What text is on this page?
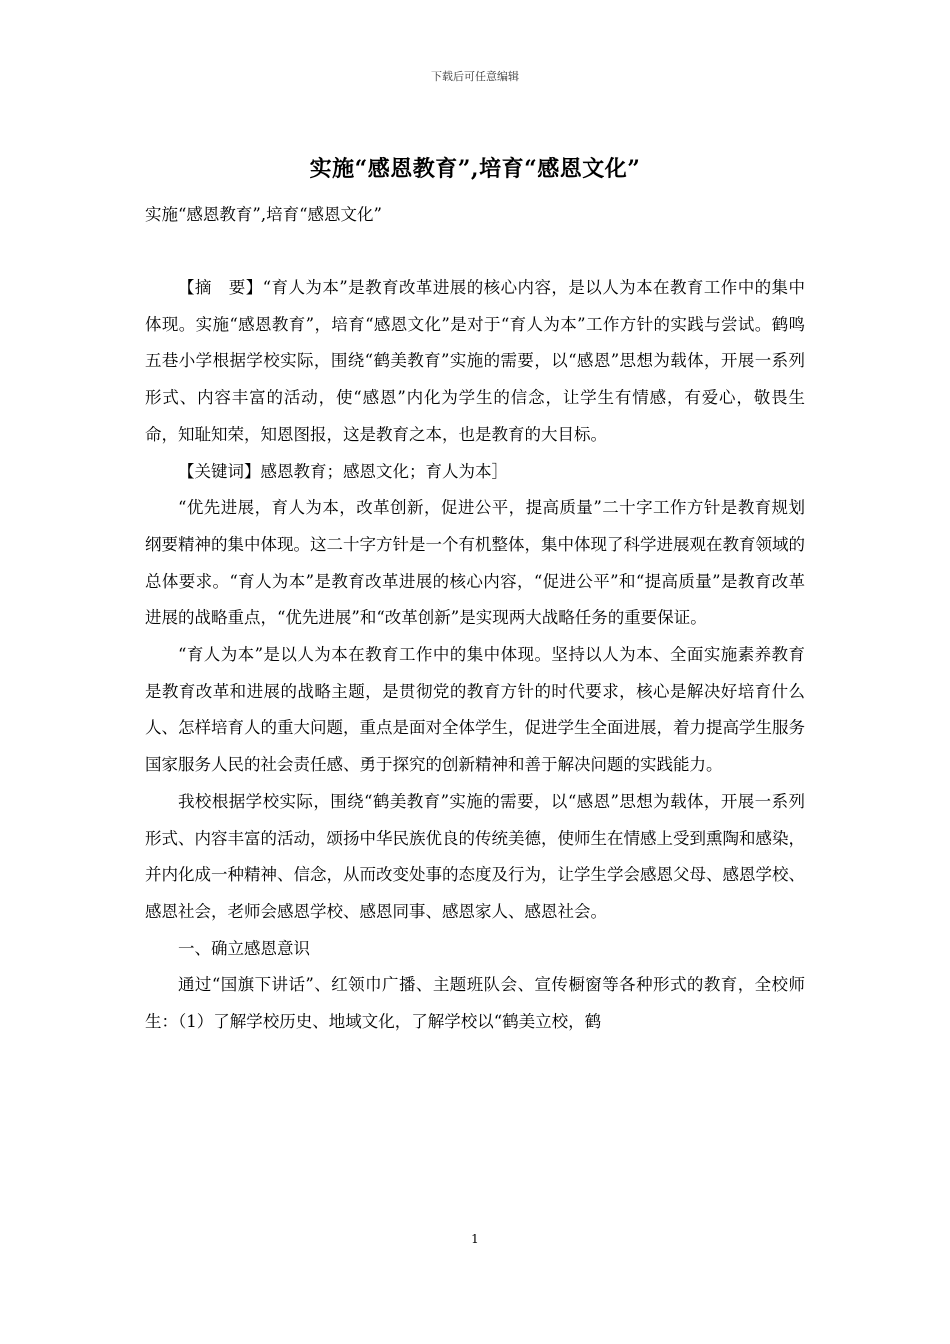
下载后可任意编辑
实施“感恩教育”,培育“感恩文化”
实施“感恩教育”,培育“感恩文化”

【摘　要】“育人为本”是教育改革进展的核心内容，是以人为本在教育工作中的集中体现。实施“感恩教育”，培育“感恩文化”是对于“育人为本”工作方针的实践与尝试。鹤鸣五巷小学根据学校实际，围绕“鹤美教育”实施的需要，以“感恩”思想为载体，开展一系列形式、内容丰富的活动，使“感恩”内化为学生的信念，让学生有情感，有爱心，敬畏生命，知耻知荣，知恩图报，这是教育之本，也是教育的大目标。

【关键词】感恩教育；感恩文化；育人为本］

“优先进展，育人为本，改革创新，促进公平，提高质量”二十字工作方针是教育规划纲要精神的集中体现。这二十字方针是一个有机整体，集中体现了科学进展观在教育领域的总体要求。“育人为本”是教育改革进展的核心内容，“促进公平”和“提高质量”是教育改革进展的战略重点，“优先进展”和“改革创新”是实现两大战略任务的重要保证。

“育人为本”是以人为本在教育工作中的集中体现。坚持以人为本、全面实施素养教育是教育改革和进展的战略主题，是贯彻党的教育方针的时代要求，核心是解决好培育什么人、怎样培育人的重大问题，重点是面对全体学生，促进学生全面进展，着力提高学生服务国家服务人民的社会责任感、勇于探究的创新精神和善于解决问题的实践能力。

我校根据学校实际，围绕“鹤美教育”实施的需要，以“感恩”思想为载体，开展一系列形式、内容丰富的活动，颂扬中华民族优良的传统美德，使师生在情感上受到熏陶和感染，并内化成一种精神、信念，从而改变处事的态度及行为，让学生学会感恩父母、感恩学校、感恩社会，老师会感恩学校、感恩同事、感恩家人、感恩社会。

一、确立感恩意识

通过“国旗下讲话”、红领巾广播、主题班队会、宣传橱窗等各种形式的教育，全校师生：（1）了解学校历史、地域文化，了解学校以“鹤美立校，鹤

1
